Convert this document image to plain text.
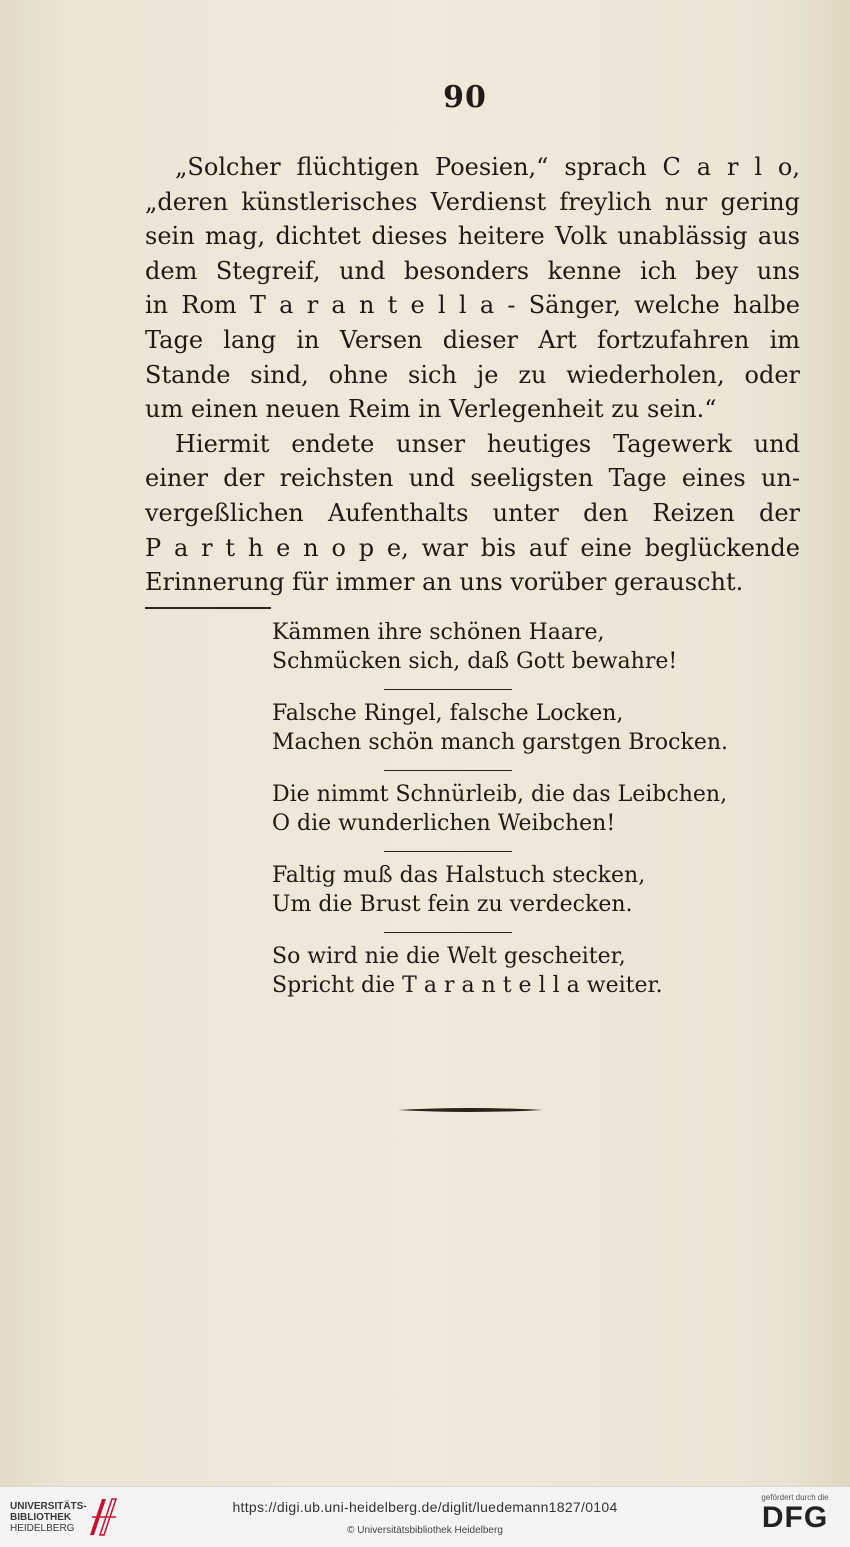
90
„Solcher flüchtigen Poesien,“ sprach C a r l o,
„deren künstlerisches Verdienst freylich nur gering
sein mag, dichtet dieses heitere Volk unablässig aus
dem Stegreif, und besonders kenne ich bey uns
in Rom T a r a n t e l l a - Sänger, welche halbe
Tage lang in Versen dieser Art fortzufahren im
Stande sind, ohne sich je zu wiederholen, oder
um einen neuen Reim in Verlegenheit zu sein.“
Hiermit endete unser heutiges Tagewerk und
einer der reichsten und seeligsten Tage eines un-
vergeßlichen Aufenthalts unter den Reizen der
P a r t h e n o p e, war bis auf eine beglückende
Erinnerung für immer an uns vorüber gerauscht.
Kämmen ihre schönen Haare,
Schmücken sich, daß Gott bewahre!
Falsche Ringel, falsche Locken,
Machen schön manch garstgen Brocken.
Die nimmt Schnürleib, die das Leibchen,
O die wunderlichen Weibchen!
Faltig muß das Halstuch stecken,
Um die Brust fein zu verdecken.
So wird nie die Welt gescheiter,
Spricht die T a r a n t e l l a weiter.
UNIVERSITÄTS-
BIBLIOTHEK
HEIDELBERG
https://digi.ub.uni-heidelberg.de/diglit/luedemann1827/0104
© Universitätsbibliothek Heidelberg
gefördert durch die
DFG
